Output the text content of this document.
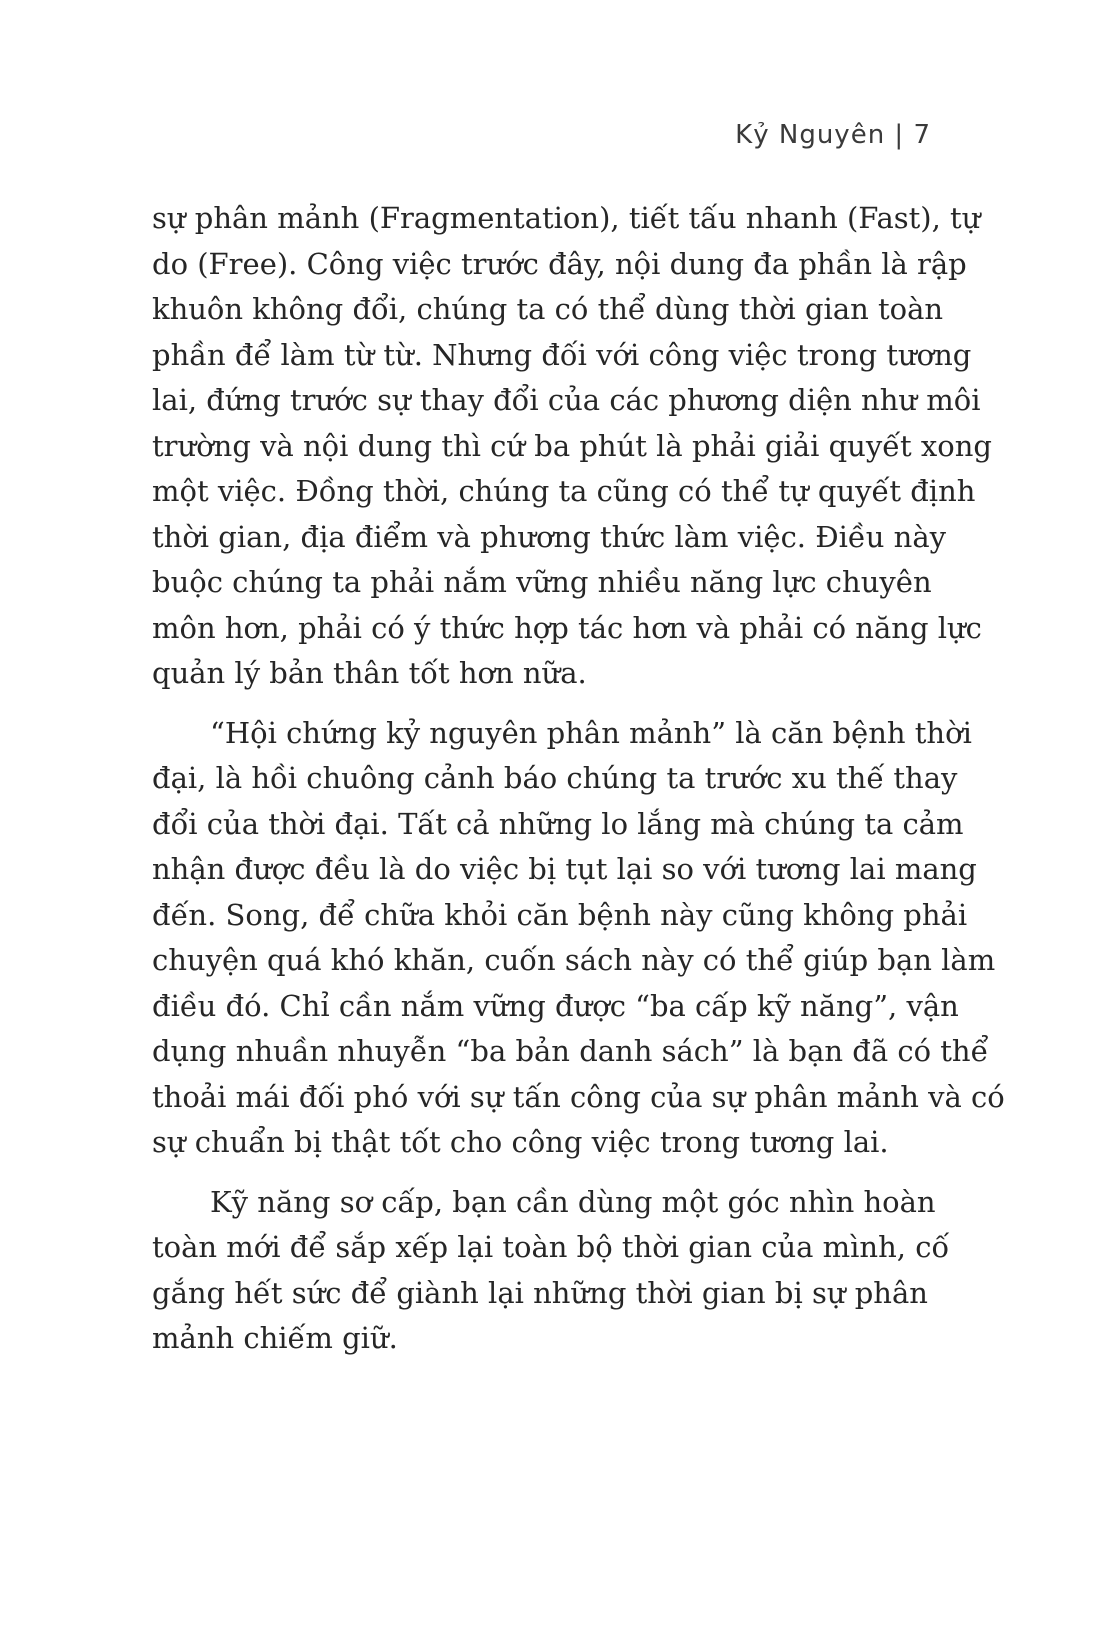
Kỷ Nguyên | 7
sự phân mảnh (Fragmentation), tiết tấu nhanh (Fast), tự
do (Free). Công việc trước đây, nội dung đa phần là rập
khuôn không đổi, chúng ta có thể dùng thời gian toàn
phần để làm từ từ. Nhưng đối với công việc trong tương
lai, đứng trước sự thay đổi của các phương diện như môi
trường và nội dung thì cứ ba phút là phải giải quyết xong
một việc. Đồng thời, chúng ta cũng có thể tự quyết định
thời gian, địa điểm và phương thức làm việc. Điều này
buộc chúng ta phải nắm vững nhiều năng lực chuyên
môn hơn, phải có ý thức hợp tác hơn và phải có năng lực
quản lý bản thân tốt hơn nữa.
“Hội chứng kỷ nguyên phân mảnh” là căn bệnh thời
đại, là hồi chuông cảnh báo chúng ta trước xu thế thay
đổi của thời đại. Tất cả những lo lắng mà chúng ta cảm
nhận được đều là do việc bị tụt lại so với tương lai mang
đến. Song, để chữa khỏi căn bệnh này cũng không phải
chuyện quá khó khăn, cuốn sách này có thể giúp bạn làm
điều đó. Chỉ cần nắm vững được “ba cấp kỹ năng”, vận
dụng nhuần nhuyễn “ba bản danh sách” là bạn đã có thể
thoải mái đối phó với sự tấn công của sự phân mảnh và có
sự chuẩn bị thật tốt cho công việc trong tương lai.
Kỹ năng sơ cấp, bạn cần dùng một góc nhìn hoàn
toàn mới để sắp xếp lại toàn bộ thời gian của mình, cố
gắng hết sức để giành lại những thời gian bị sự phân
mảnh chiếm giữ.
